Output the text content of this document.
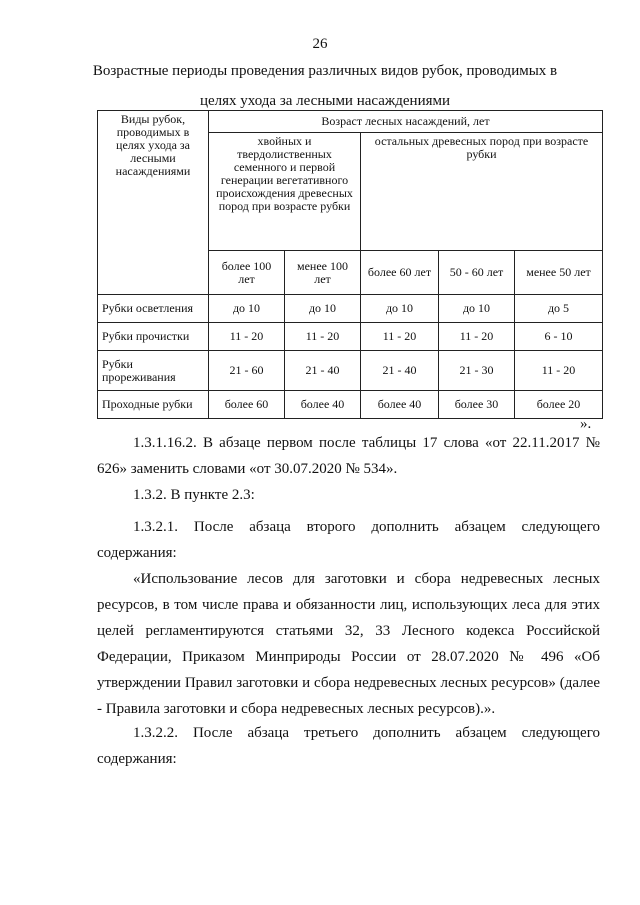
26
Возрастные периоды проведения различных видов рубок, проводимых в
целях ухода за лесными насаждениями
Виды рубок, проводимых в целях ухода за лесными насаждениями	Возраст лесных насаждений, лет				
	хвойных и твердолиственных семенного и первой генерации вегетативного происхождения древесных пород при возрасте рубки		остальных древесных пород при возрасте рубки		
	более 100 лет	менее 100 лет	более 60 лет	50 - 60 лет	менее 50 лет
Рубки осветления	до 10	до 10	до 10	до 10	до 5
Рубки прочистки	11 - 20	11 - 20	11 - 20	11 - 20	6 - 10
Рубки прореживания	21 - 60	21 - 40	21 - 40	21 - 30	11 - 20
Проходные рубки	более 60	более 40	более 40	более 30	более 20
».
1.3.1.16.2. В абзаце первом после таблицы 17 слова «от 22.11.2017 № 626» заменить словами «от 30.07.2020 № 534».
1.3.2. В пункте 2.3:
1.3.2.1. После абзаца второго дополнить абзацем следующего содержания:
«Использование лесов для заготовки и сбора недревесных лесных ресурсов, в том числе права и обязанности лиц, использующих леса для этих целей регламентируются статьями 32, 33 Лесного кодекса Российской Федерации, Приказом Минприроды России от 28.07.2020 № 496 «Об утверждении Правил заготовки и сбора недревесных лесных ресурсов» (далее - Правила заготовки и сбора недревесных лесных ресурсов).».
1.3.2.2. После абзаца третьего дополнить абзацем следующего содержания:
